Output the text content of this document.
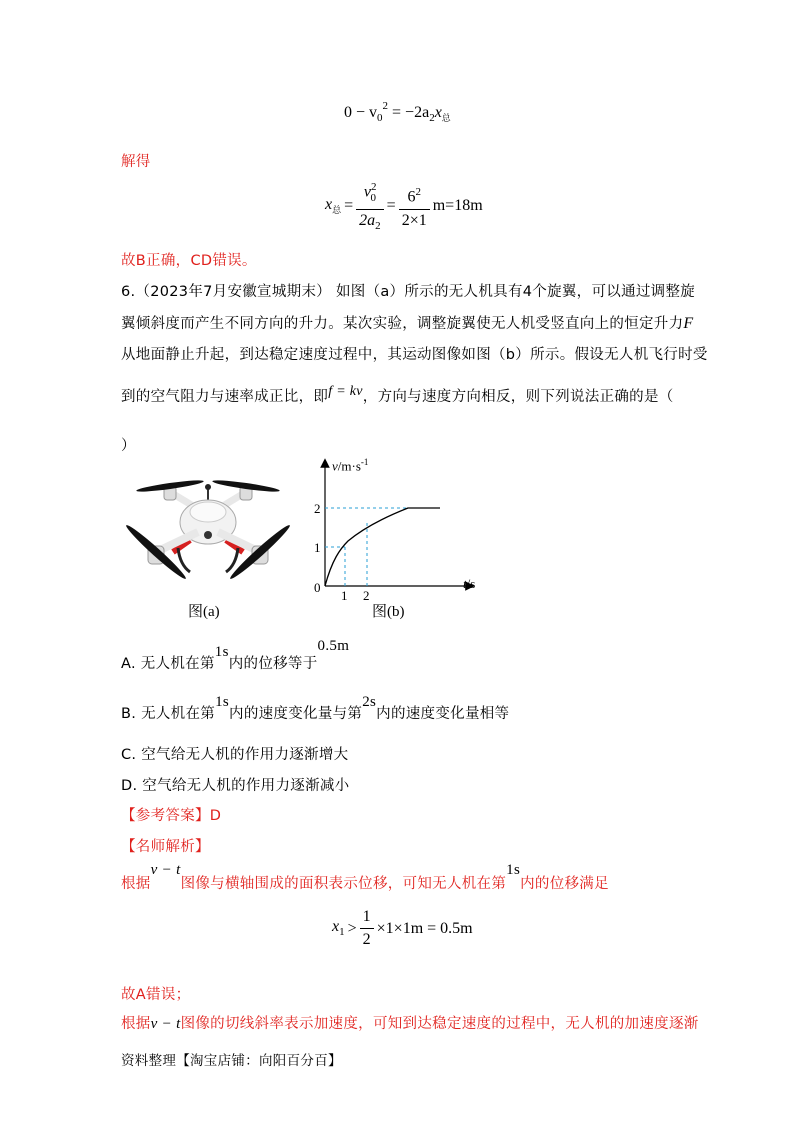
$0 - v_0^2 = -2a_2x_总$
解得
$x_总 = \frac{v^2_0}{2a_2} = \frac{6^2}{2\times 1} m=18m$
故B正确，CD错误。
6.（2023年7月安徽宣城期末） 如图（a）所示的无人机具有4个旋翼，可以通过调整旋
翼倾斜度而产生不同方向的升力。某次实验，调整旋翼使无人机受竖直向上的恒定升力F
从地面静止升起，到达稳定速度过程中，其运动图像如图（b）所示。假设无人机飞行时受
到的空气阻力与速率成正比，即f = kv，方向与速度方向相反，则下列说法正确的是（
）
图(a)
$v/m\cdot s^{-1}$
t/s
0
1
2
1 2
图(b)
A. 无人机在第1s内的位移等于0.5m
B. 无人机在第1s内的速度变化量与第2s内的速度变化量相等
C. 空气给无人机的作用力逐渐增大
D. 空气给无人机的作用力逐渐减小
【参考答案】D
【名师解析】
根据v − t图像与横轴围成的面积表示位移，可知无人机在第1s内的位移满足
$x_1 > \frac{1}{2} \times 1\times 1m = 0.5m$
故A错误；
根据v − t图像的切线斜率表示加速度，可知到达稳定速度的过程中，无人机的加速度逐渐
资料整理【淘宝店铺：向阳百分百】
